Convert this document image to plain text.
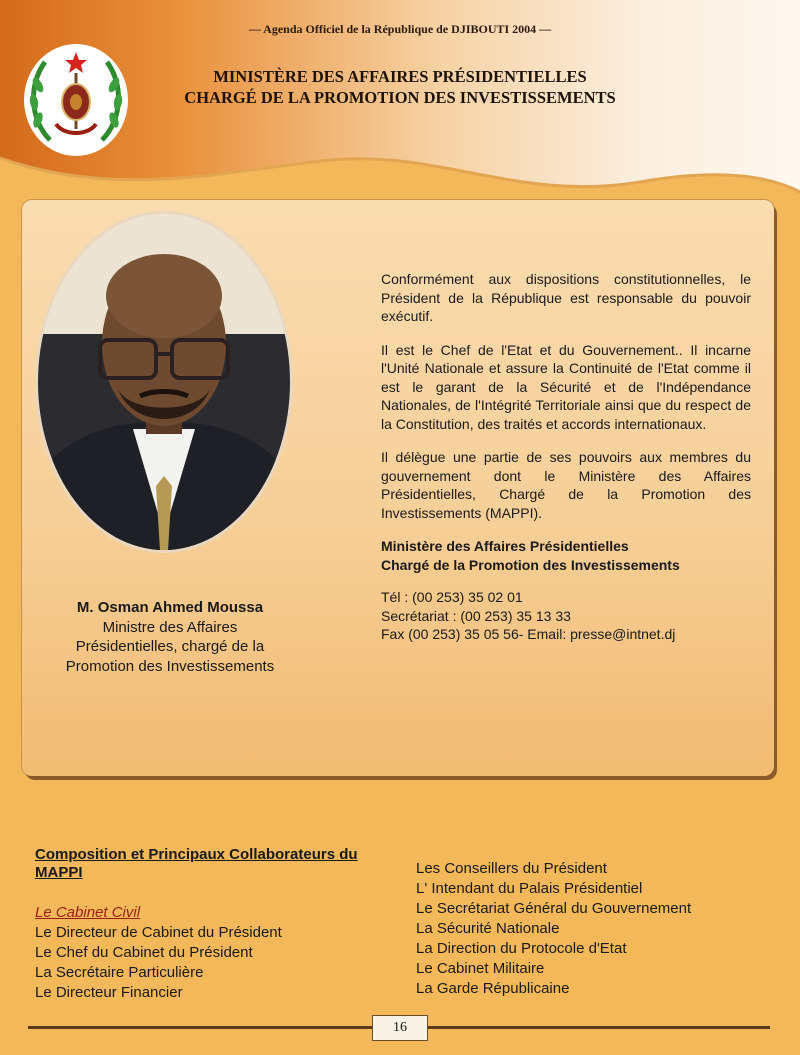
— Agenda Officiel de la République de DJIBOUTI 2004 —
MINISTÈRE DES AFFAIRES PRÉSIDENTIELLES
CHARGÉ DE LA PROMOTION DES INVESTISSEMENTS
M. Osman Ahmed Moussa
Ministre des Affaires
Présidentielles, chargé de la
Promotion des Investissements

Conformément aux dispositions constitutionnelles, le Président de la République est responsable du pouvoir exécutif.

Il est le Chef de l'Etat et du Gouvernement.. Il incarne l'Unité Nationale et assure la Continuité de l'Etat comme il est le garant de la Sécurité et de l'Indépendance Nationales, de l'Intégrité Territoriale ainsi que du respect de la Constitution, des traités et accords internationaux.

Il délègue une partie de ses pouvoirs aux membres du gouvernement dont le Ministère des Affaires Présidentielles, Chargé de la Promotion des Investissements (MAPPI).

Ministère des Affaires Présidentielles
Chargé de la Promotion des Investissements
Tél : (00 253) 35 02 01
Secrétariat : (00 253) 35 13 33
Fax (00 253) 35 05 56- Email: presse@intnet.dj
Composition et Principaux Collaborateurs du MAPPI
Le Cabinet Civil
Le Directeur de Cabinet du Président
Le Chef du Cabinet du Président
La Secrétaire Particulière
Le Directeur Financier
Les Conseillers du Président
L' Intendant du Palais Présidentiel
Le Secrétariat Général du Gouvernement
La Sécurité Nationale
La Direction du Protocole d'Etat
Le Cabinet Militaire
La Garde Républicaine
16
